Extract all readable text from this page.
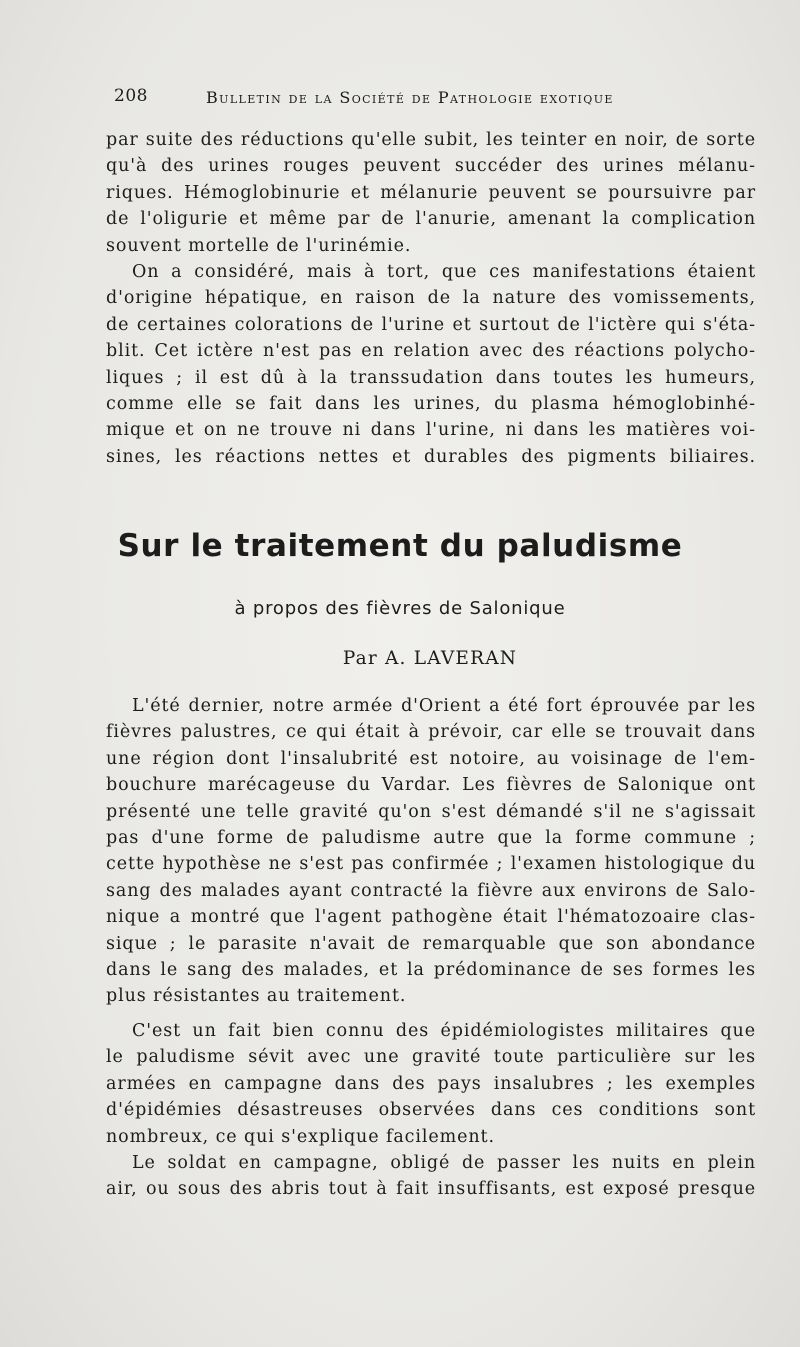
208	Bulletin de la Société de Pathologie exotique
par suite des réductions qu'elle subit, les teinter en noir, de sorte
qu'à des urines rouges peuvent succéder des urines mélanu-
riques. Hémoglobinurie et mélanurie peuvent se poursuivre par
de l'oligurie et même par de l'anurie, amenant la complication
souvent mortelle de l'urinémie.
On a considéré, mais à tort, que ces manifestations étaient
d'origine hépatique, en raison de la nature des vomissements,
de certaines colorations de l'urine et surtout de l'ictère qui s'éta-
blit. Cet ictère n'est pas en relation avec des réactions polycho-
liques ; il est dû à la transsudation dans toutes les humeurs,
comme elle se fait dans les urines, du plasma hémoglobinhé-
mique et on ne trouve ni dans l'urine, ni dans les matières voi-
sines, les réactions nettes et durables des pigments biliaires.
Sur le traitement du paludisme
à propos des fièvres de Salonique
Par A. LAVERAN
L'été dernier, notre armée d'Orient a été fort éprouvée par les
fièvres palustres, ce qui était à prévoir, car elle se trouvait dans
une région dont l'insalubrité est notoire, au voisinage de l'em-
bouchure marécageuse du Vardar. Les fièvres de Salonique ont
présenté une telle gravité qu'on s'est démandé s'il ne s'agissait
pas d'une forme de paludisme autre que la forme commune ;
cette hypothèse ne s'est pas confirmée ; l'examen histologique du
sang des malades ayant contracté la fièvre aux environs de Salo-
nique a montré que l'agent pathogène était l'hématozoaire clas-
sique ; le parasite n'avait de remarquable que son abondance
dans le sang des malades, et la prédominance de ses formes les
plus résistantes au traitement.
C'est un fait bien connu des épidémiologistes militaires que
le paludisme sévit avec une gravité toute particulière sur les
armées en campagne dans des pays insalubres ; les exemples
d'épidémies désastreuses observées dans ces conditions sont
nombreux, ce qui s'explique facilement.
Le soldat en campagne, obligé de passer les nuits en plein
air, ou sous des abris tout à fait insuffisants, est exposé presque
